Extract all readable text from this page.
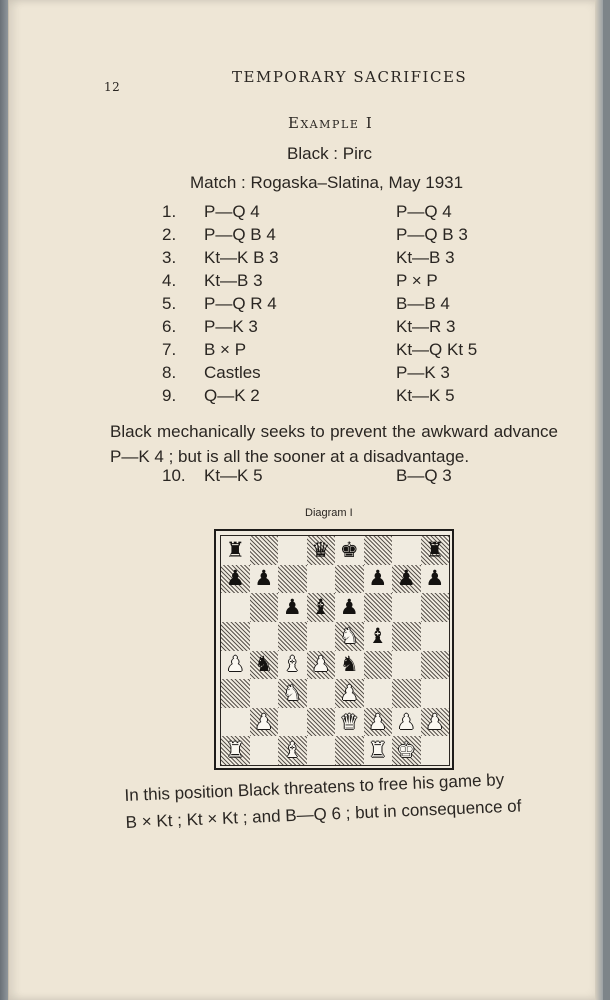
12
TEMPORARY SACRIFICES
Example I
Black : Pirc
Match : Rogaska–Slatina, May 1931
1.	P—Q 4	P—Q 4
2.	P—Q B 4	P—Q B 3
3.	Kt—K B 3	Kt—B 3
4.	Kt—B 3	P × P
5.	P—Q R 4	B—B 4
6.	P—K 3	Kt—R 3
7.	B × P	Kt—Q Kt 5
8.	Castles	P—K 3
9.	Q—K 2	Kt—K 5

Black mechanically seeks to prevent the awkward advance P—K 4 ; but is all the sooner at a disadvantage.

10.	Kt—K 5	B—Q 3
Diagram I
♜	♛ ♚	♜
♟ ♟	♟ ♟ ♟
♟ ♝ ♟
♞ ♝
♟ ♞ ♝ ♟ ♞
♞ ♟
♟	♛ ♟ ♟ ♟
♜ ♝	♜ ♚
In this position Black threatens to free his game by
B × Kt ; Kt × Kt ; and B—Q 6 ; but in consequence of
